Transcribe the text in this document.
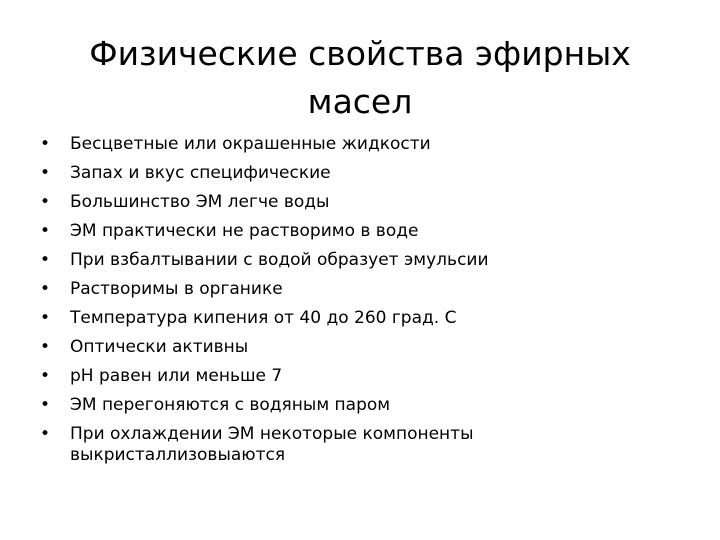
Физические свойства эфирных масел
•	Бесцветные или окрашенные жидкости
•	Запах и вкус специфические
•	Большинство ЭМ легче воды
•	ЭМ практически не растворимо в воде
•	При взбалтывании с водой образует эмульсии
•	Растворимы в органике
•	Температура кипения от 40 до 260 град. С
•	Оптически активны
•	рН равен или меньше 7
•	ЭМ перегоняются с водяным паром
•	При охлаждении ЭМ некоторые компоненты выкристаллизовыаются
